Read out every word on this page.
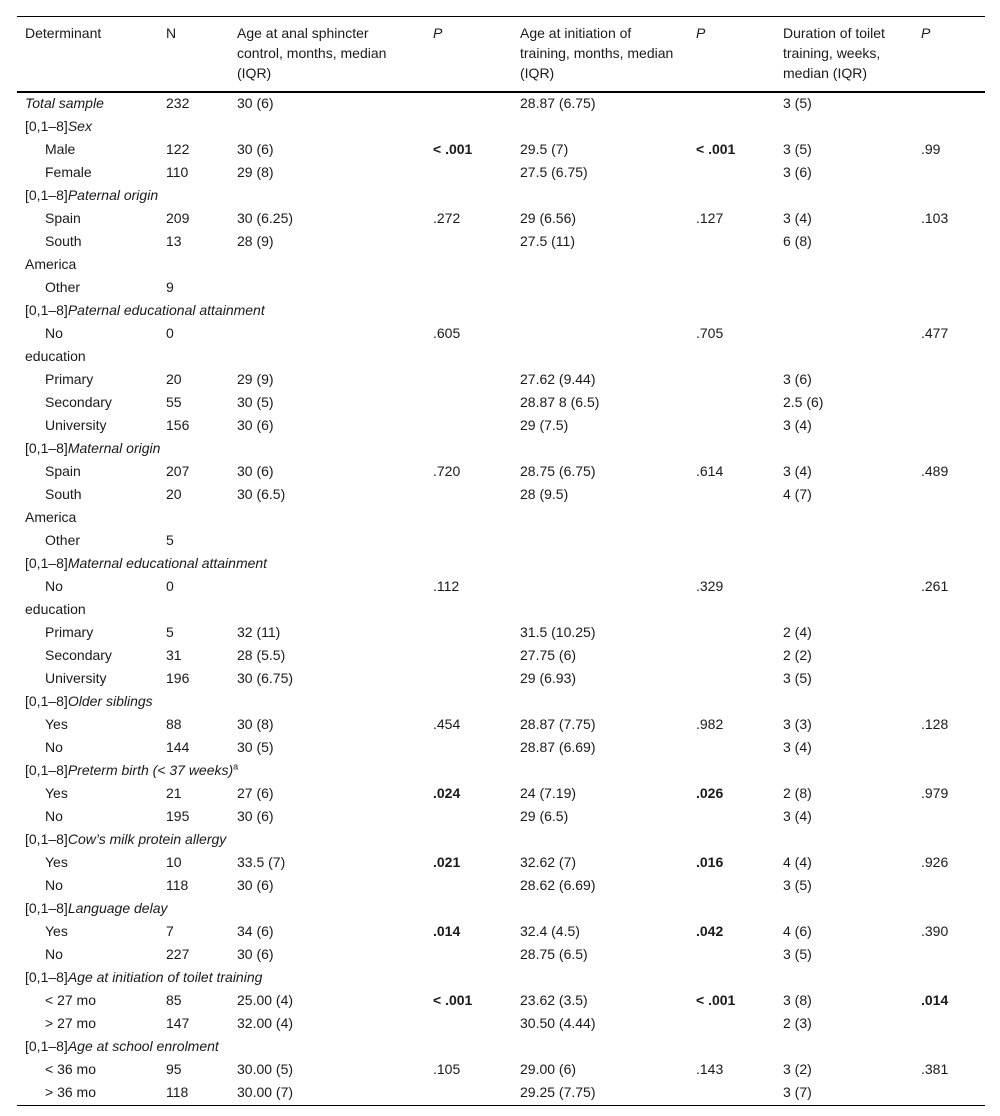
Determinant	N	Age at anal sphincter control, months, median (IQR)	P	Age at initiation of training, months, median (IQR)	P	Duration of toilet training, weeks, median (IQR)	P
Total sample	232	30 (6)		28.87 (6.75)		3 (5)	
[0,1–8]Sex							
Male	122	30 (6)	< .001	29.5 (7)	< .001	3 (5)	.99
Female	110	29 (8)		27.5 (6.75)		3 (6)	
[0,1–8]Paternal origin							
Spain	209	30 (6.25)	.272	29 (6.56)	.127	3 (4)	.103
South	13	28 (9)		27.5 (11)		6 (8)	
America							
Other	9						
[0,1–8]Paternal educational attainment							
No	0		.605		.705		.477
education							
Primary	20	29 (9)		27.62 (9.44)		3 (6)	
Secondary	55	30 (5)		28.87 8 (6.5)		2.5 (6)	
University	156	30 (6)		29 (7.5)		3 (4)	
[0,1–8]Maternal origin							
Spain	207	30 (6)	.720	28.75 (6.75)	.614	3 (4)	.489
South	20	30 (6.5)		28 (9.5)		4 (7)	
America							
Other	5						
[0,1–8]Maternal educational attainment							
No	0		.112		.329		.261
education							
Primary	5	32 (11)		31.5 (10.25)		2 (4)	
Secondary	31	28 (5.5)		27.75 (6)		2 (2)	
University	196	30 (6.75)		29 (6.93)		3 (5)	
[0,1–8]Older siblings							
Yes	88	30 (8)	.454	28.87 (7.75)	.982	3 (3)	.128
No	144	30 (5)		28.87 (6.69)		3 (4)	
[0,1–8]Preterm birth (< 37 weeks)$^a$
Yes	21	27 (6)	.024	24 (7.19)	.026	2 (8)	.979
No	195	30 (6)		29 (6.5)		3 (4)	
[0,1–8]Cow’s milk protein allergy							
Yes	10	33.5 (7)	.021	32.62 (7)	.016	4 (4)	.926
No	118	30 (6)		28.62 (6.69)		3 (5)	
[0,1–8]Language delay							
Yes	7	34 (6)	.014	32.4 (4.5)	.042	4 (6)	.390
No	227	30 (6)		28.75 (6.5)		3 (5)	
[0,1–8]Age at initiation of toilet training							
< 27 mo	85	25.00 (4)	< .001	23.62 (3.5)	< .001	3 (8)	.014
> 27 mo	147	32.00 (4)		30.50 (4.44)		2 (3)	
[0,1–8]Age at school enrolment							
< 36 mo	95	30.00 (5)	.105	29.00 (6)	.143	3 (2)	.381
> 36 mo	118	30.00 (7)		29.25 (7.75)		3 (7)	
